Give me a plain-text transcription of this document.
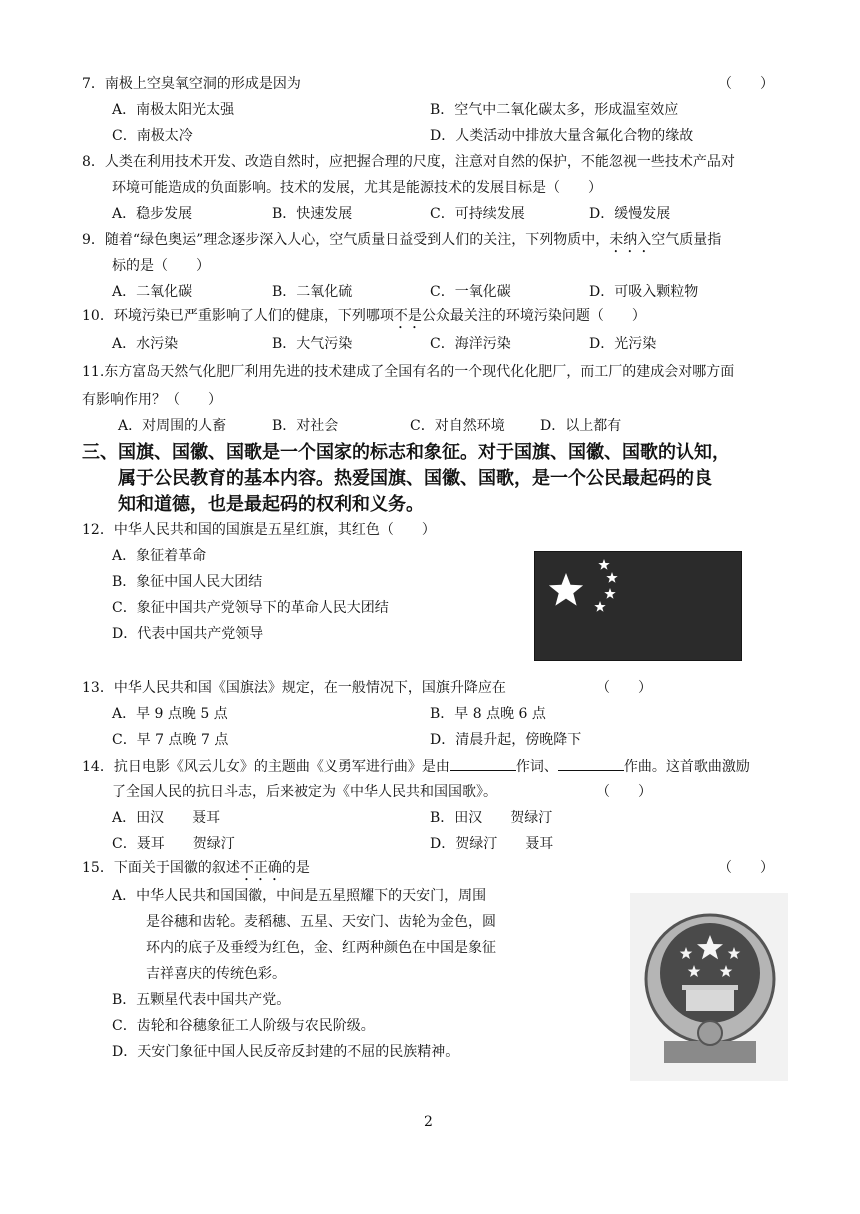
7．南极上空臭氧空洞的形成是因为	（　　）
A．南极太阳光太强	B．空气中二氧化碳太多，形成温室效应
C．南极太冷	D．人类活动中排放大量含氟化合物的缘故
8．人类在利用技术开发、改造自然时，应把握合理的尺度，注意对自然的保护，不能忽视一些技术产品对
环境可能造成的负面影响。技术的发展，尤其是能源技术的发展目标是（　　）
A．稳步发展	B．快速发展	C．可持续发展	D．缓慢发展
9．随着“绿色奥运”理念逐步深入人心，空气质量日益受到人们的关注，下列物质中，未纳入空气质量指
标的是（　　）
A．二氧化碳	B．二氧化硫	C．一氧化碳	D．可吸入颗粒物
10．环境污染已严重影响了人们的健康，下列哪项不是公众最关注的环境污染问题（　　）
A．水污染	B．大气污染	C．海洋污染	D．光污染
11.东方富岛天然气化肥厂利用先进的技术建成了全国有名的一个现代化化肥厂，而工厂的建成会对哪方面
有影响作用？（　　）
A．对周围的人畜	B．对社会	C．对自然环境	D．以上都有
三、国旗、国徽、国歌是一个国家的标志和象征。对于国旗、国徽、国歌的认知，
属于公民教育的基本内容。热爱国旗、国徽、国歌，是一个公民最起码的良
知和道德，也是最起码的权利和义务。
12．中华人民共和国的国旗是五星红旗，其红色（　　）
A．象征着革命
B．象征中国人民大团结
C．象征中国共产党领导下的革命人民大团结
D．代表中国共产党领导
13．中华人民共和国《国旗法》规定，在一般情况下，国旗升降应在	（　　）
A．早 9 点晚 5 点	B．早 8 点晚 6 点
C．早 7 点晚 7 点	D．清晨升起，傍晚降下
14．抗日电影《风云儿女》的主题曲《义勇军进行曲》是由	作词、	作曲。这首歌曲激励
了全国人民的抗日斗志，后来被定为《中华人民共和国国歌》。	（　　）
A．田汉　　聂耳	B．田汉　　贺绿汀
C．聂耳　　贺绿汀	D．贺绿汀　　聂耳
15．下面关于国徽的叙述不正确的是	（　　）
A．中华人民共和国国徽，中间是五星照耀下的天安门，周围
是谷穗和齿轮。麦稻穗、五星、天安门、齿轮为金色，圆
环内的底子及垂绶为红色，金、红两种颜色在中国是象征
吉祥喜庆的传统色彩。
B．五颗星代表中国共产党。
C．齿轮和谷穗象征工人阶级与农民阶级。
D．天安门象征中国人民反帝反封建的不屈的民族精神。
2
